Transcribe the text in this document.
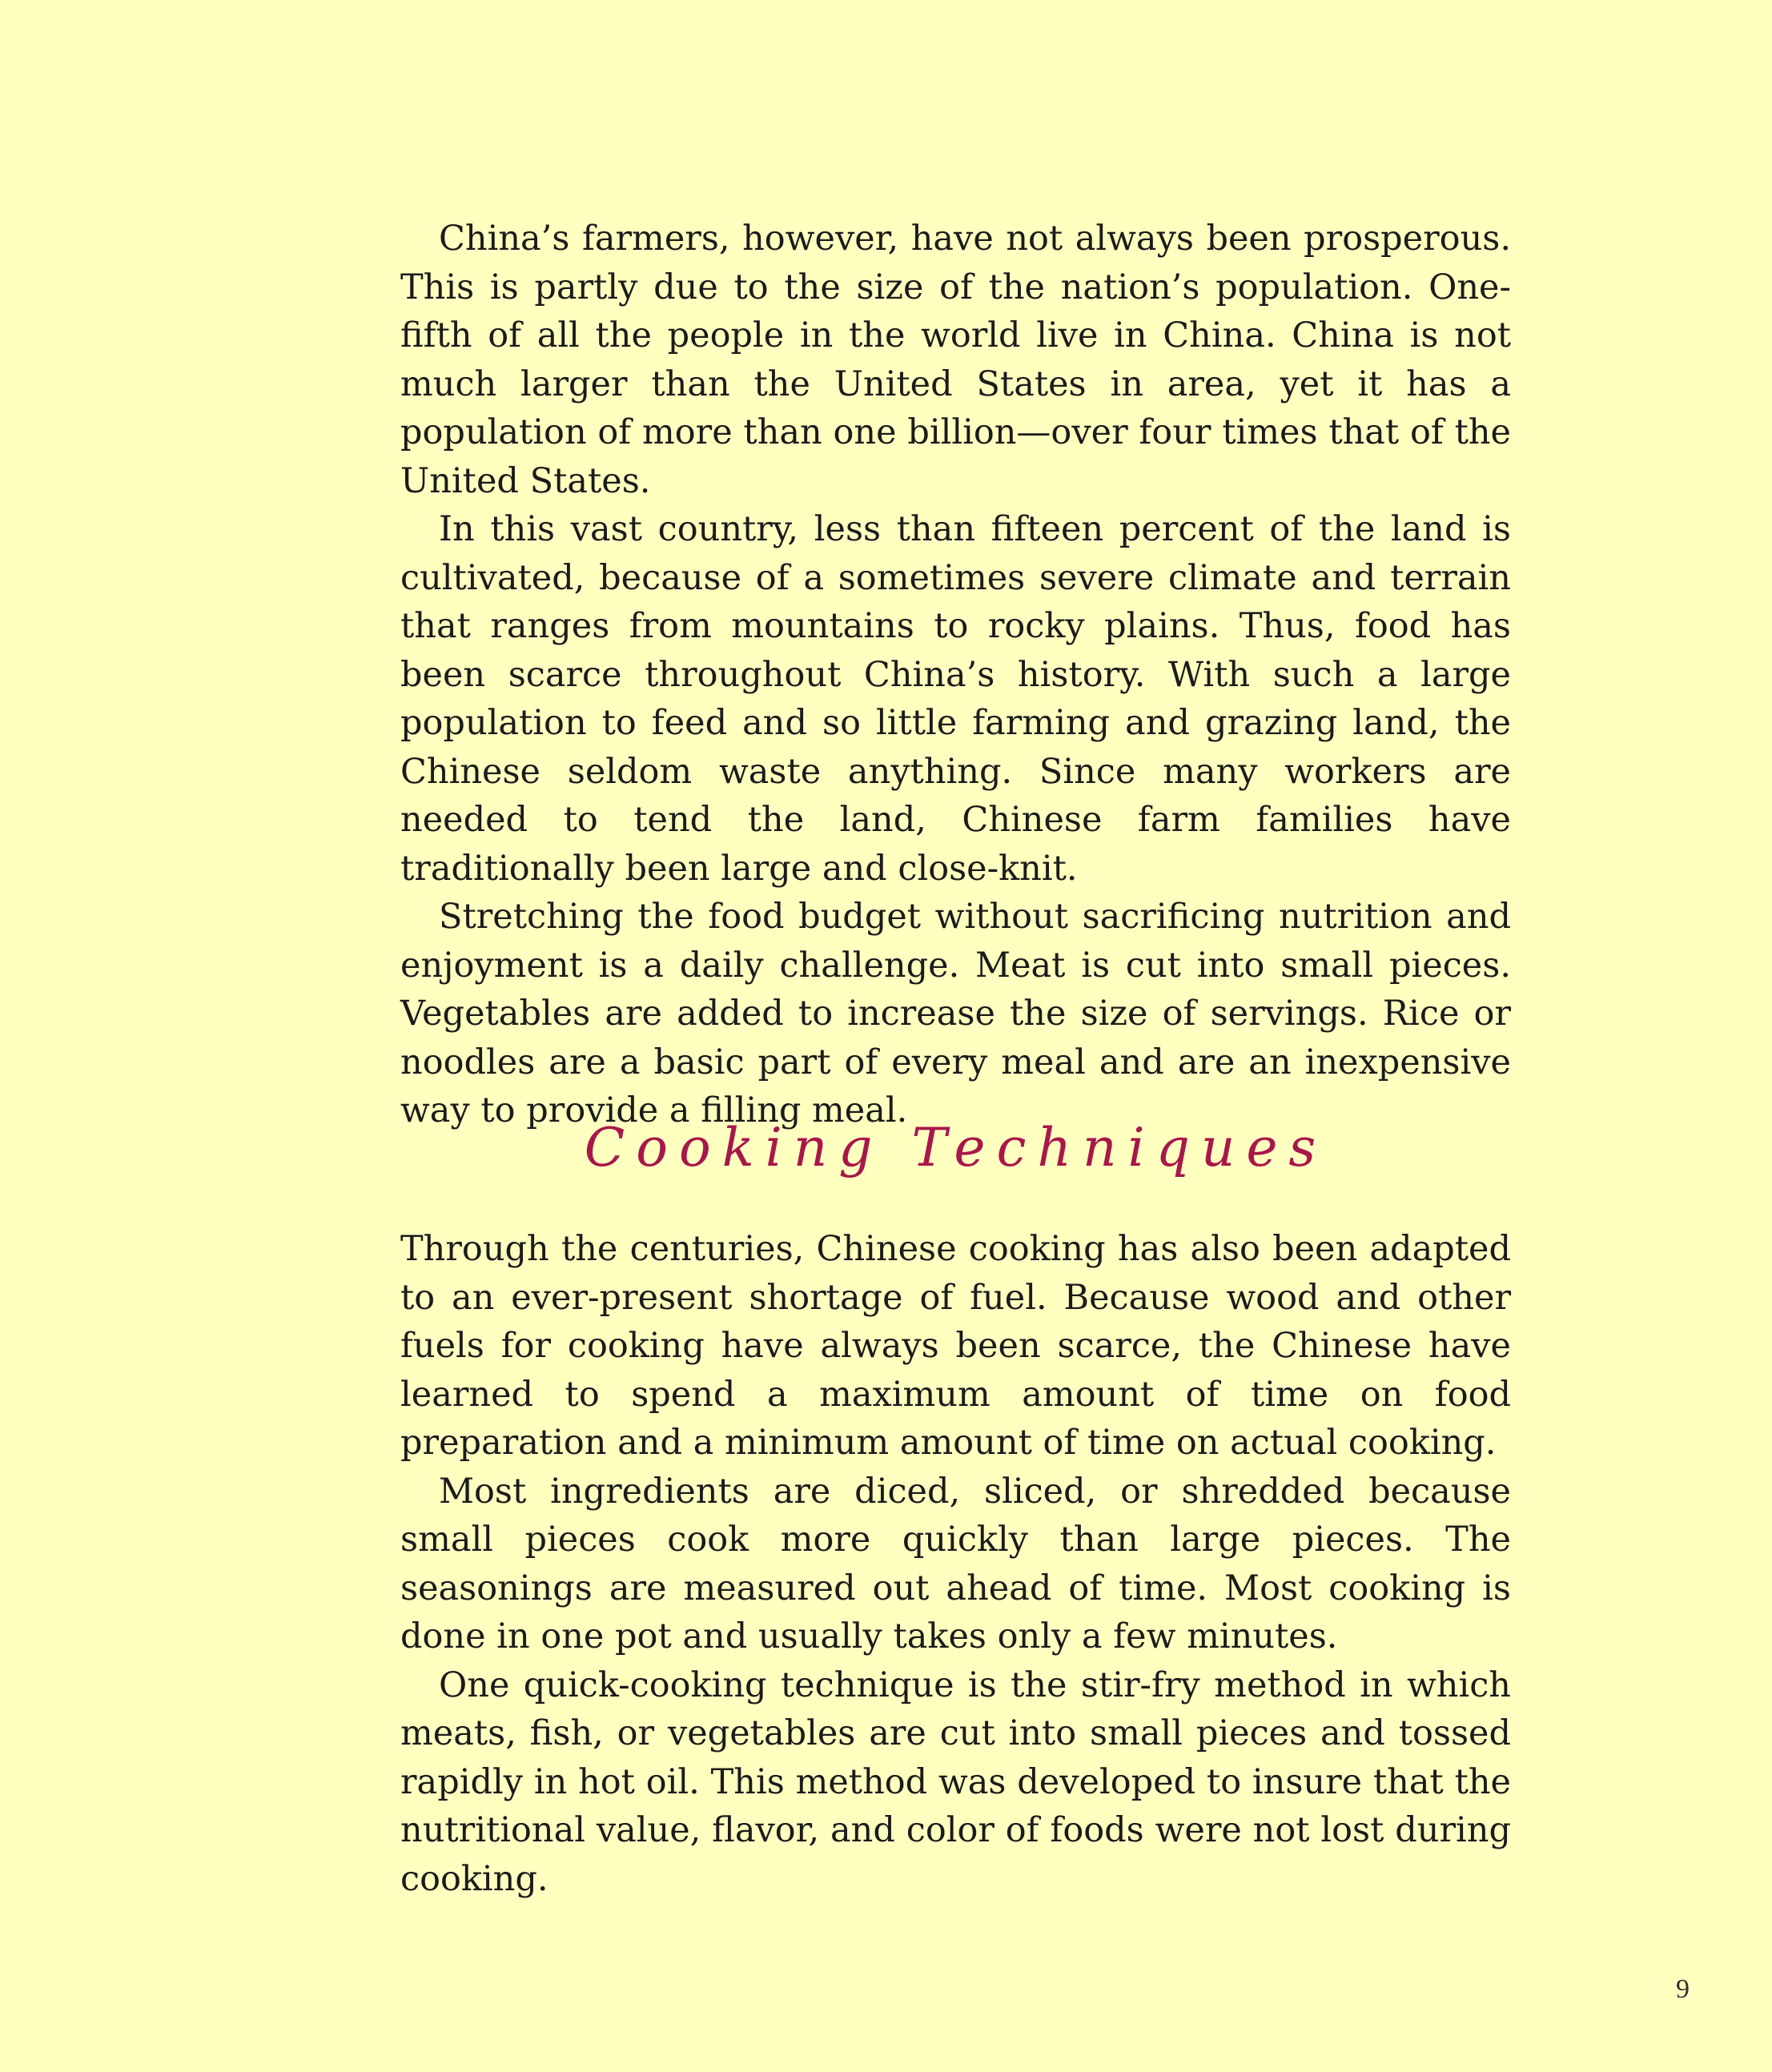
China’s farmers, however, have not always been prosperous. This is partly due to the size of the nation’s population. One-fifth of all the people in the world live in China. China is not much larger than the United States in area, yet it has a population of more than one billion—over four times that of the United States.

In this vast country, less than fifteen percent of the land is cultivated, because of a sometimes severe climate and terrain that ranges from mountains to rocky plains. Thus, food has been scarce throughout China’s history. With such a large population to feed and so little farming and grazing land, the Chinese seldom waste anything. Since many workers are needed to tend the land, Chinese farm families have traditionally been large and close-knit.

Stretching the food budget without sacrificing nutrition and enjoyment is a daily challenge. Meat is cut into small pieces. Vegetables are added to increase the size of servings. Rice or noodles are a basic part of every meal and are an inexpensive way to provide a filling meal.

Cooking Techniques

Through the centuries, Chinese cooking has also been adapted to an ever-present shortage of fuel. Because wood and other fuels for cooking have always been scarce, the Chinese have learned to spend a maximum amount of time on food preparation and a minimum amount of time on actual cooking.

Most ingredients are diced, sliced, or shredded because small pieces cook more quickly than large pieces. The seasonings are measured out ahead of time. Most cooking is done in one pot and usually takes only a few minutes.

One quick-cooking technique is the stir-fry method in which meats, fish, or vegetables are cut into small pieces and tossed rapidly in hot oil. This method was developed to insure that the nutritional value, flavor, and color of foods were not lost during cooking.

9
